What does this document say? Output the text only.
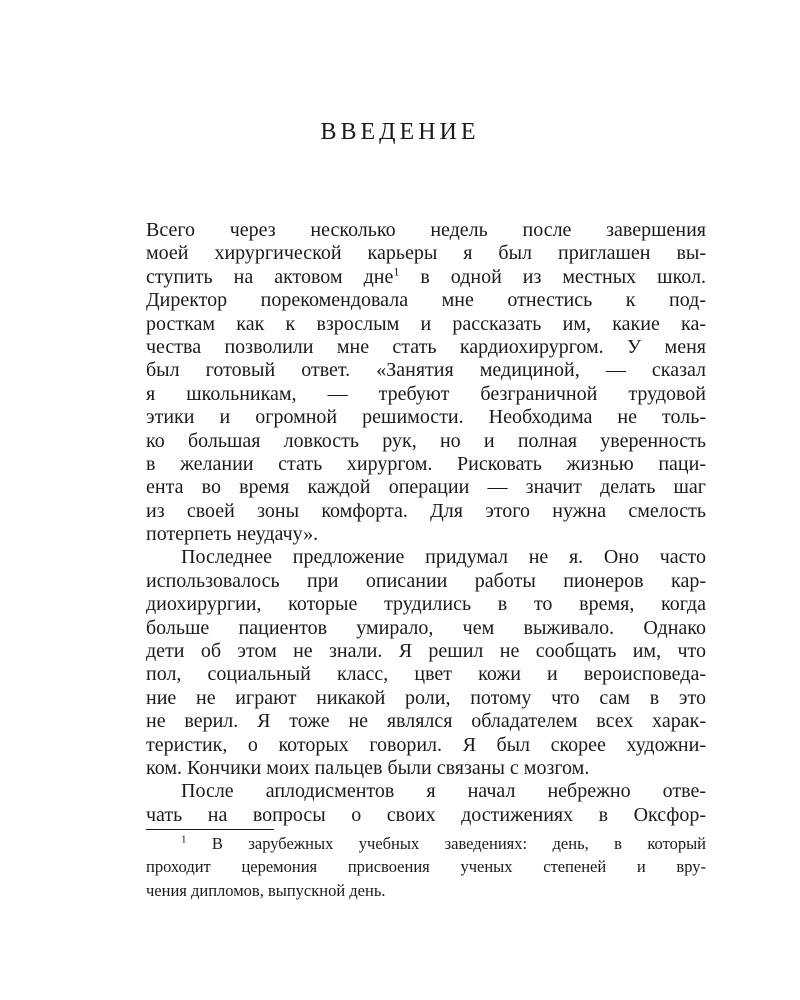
ВВЕДЕНИЕ
Всего через несколько недель после завершения
моей хирургической карьеры я был приглашен вы-
ступить на актовом дне$^1$ в одной из местных школ.
Директор порекомендовала мне отнестись к под-
росткам как к взрослым и рассказать им, какие ка-
чества позволили мне стать кардиохирургом. У меня
был готовый ответ. «Занятия медициной, — сказал
я школьникам, — требуют безграничной трудовой
этики и огромной решимости. Необходима не толь-
ко большая ловкость рук, но и полная уверенность
в желании стать хирургом. Рисковать жизнью паци-
ента во время каждой операции — значит делать шаг
из своей зоны комфорта. Для этого нужна смелость
потерпеть неудачу».
Последнее предложение придумал не я. Оно часто
использовалось при описании работы пионеров кар-
диохирургии, которые трудились в то время, когда
больше пациентов умирало, чем выживало. Однако
дети об этом не знали. Я решил не сообщать им, что
пол, социальный класс, цвет кожи и вероисповеда-
ние не играют никакой роли, потому что сам в это
не верил. Я тоже не являлся обладателем всех харак-
теристик, о которых говорил. Я был скорее художни-
ком. Кончики моих пальцев были связаны с мозгом.
После аплодисментов я начал небрежно отве-
чать на вопросы о своих достижениях в Оксфор-
$^1$ В зарубежных учебных заведениях: день, в который
проходит церемония присвоения ученых степеней и вру-
чения дипломов, выпускной день.
